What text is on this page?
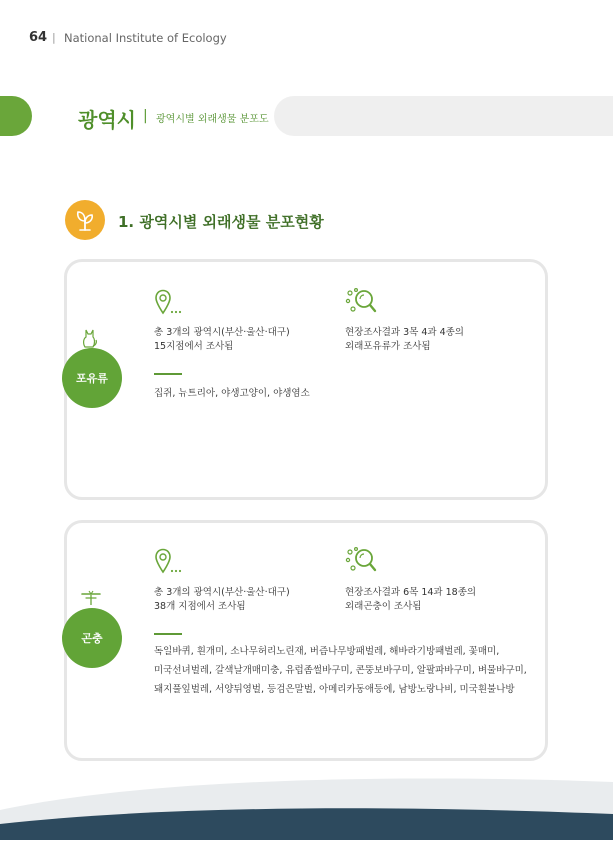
64 | National Institute of Ecology
광역시 | 광역시별 외래생물 분포도
1. 광역시별 외래생물 분포현황
포유류
총 3개의 광역시(부산·울산·대구)
15지점에서 조사됨
현장조사결과 3목 4과 4종의
외래포유류가 조사됨
집쥐, 뉴트리아, 야생고양이, 야생염소
곤충
총 3개의 광역시(부산·울산·대구)
38개 지점에서 조사됨
현장조사결과 6목 14과 18종의
외래곤충이 조사됨
독일바퀴, 흰개미, 소나무허리노린재, 버즘나무방패벌레, 해바라기방패벌레, 꽃매미,
미국선녀벌레, 갈색날개매미충, 유럽좀썰바구미, 콘뚱보바구미, 알팔파바구미, 벼물바구미,
돼지풀잎벌레, 서양뒤영벌, 등검은말벌, 아메리카동애등에, 남방노랑나비, 미국흰불나방
